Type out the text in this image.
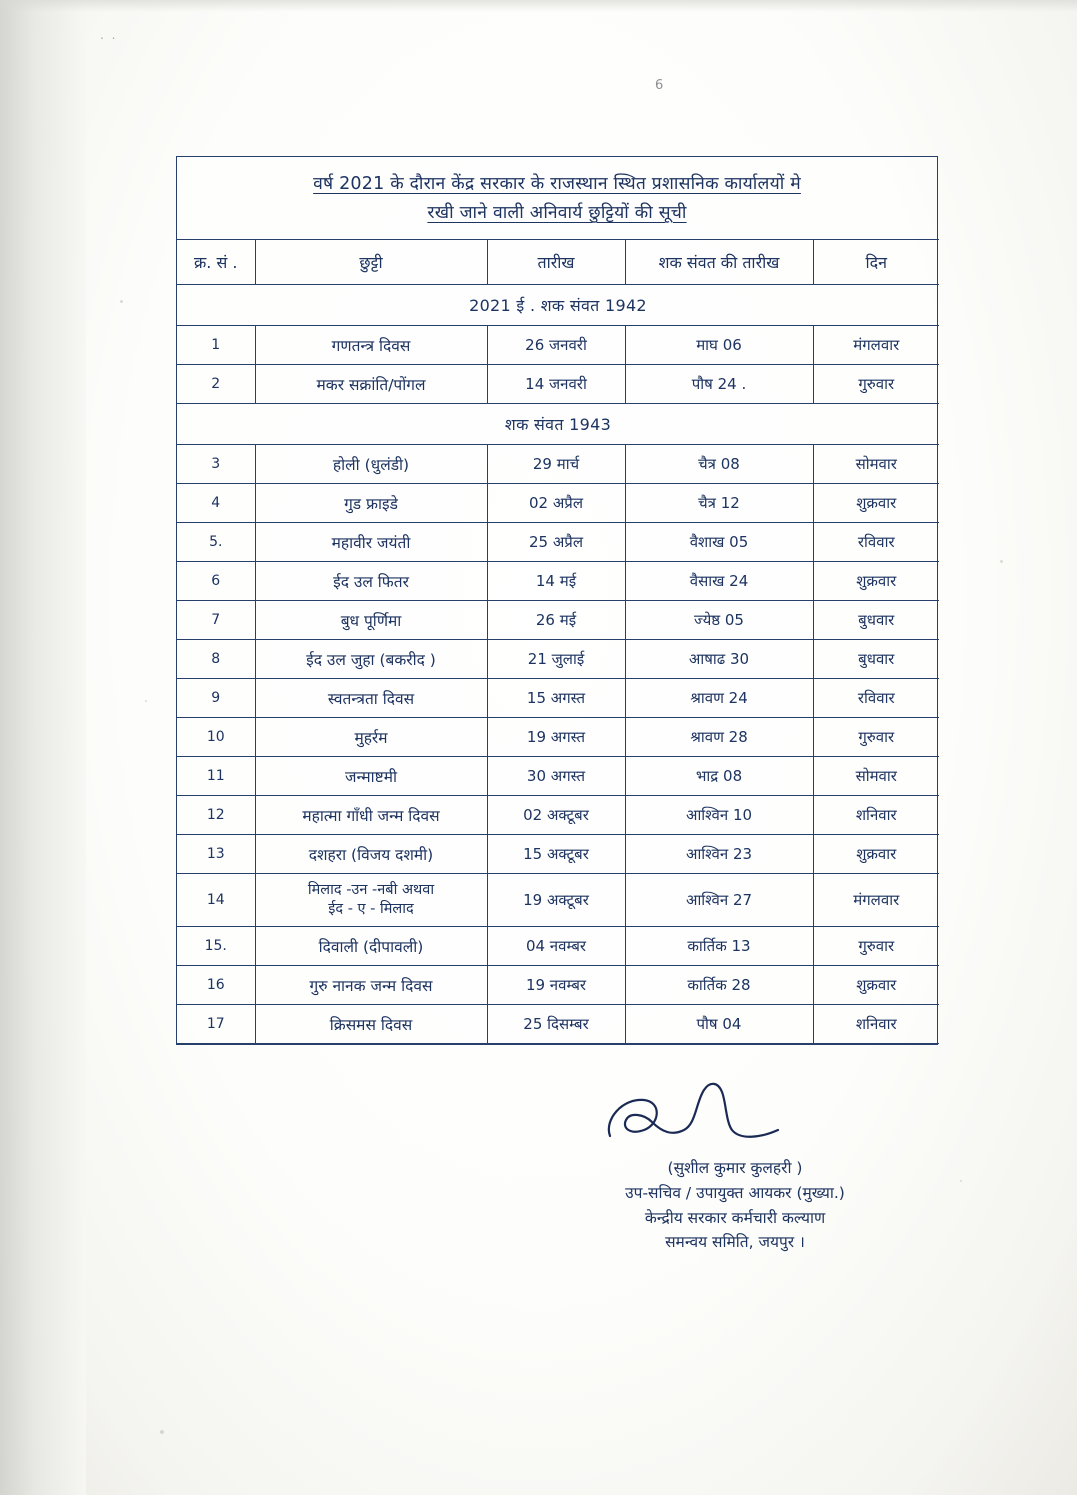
. .
6
वर्ष 2021 के दौरान केंद्र सरकार के राजस्थान स्थित प्रशासनिक कार्यालयों मे
रखी जाने वाली अनिवार्य छुट्टियों की सूची
क्र. सं .	छुट्टी	तारीख	शक संवत की तारीख	दिन
2021 ई . शक संवत 1942				
1	गणतन्त्र दिवस	26 जनवरी	माघ 06	मंगलवार
2	मकर सक्रांति/पोंगल	14 जनवरी	पौष 24 .	गुरुवार
शक संवत 1943				
3	होली (धुलंडी)	29 मार्च	चैत्र 08	सोमवार
4	गुड फ्राइडे	02 अप्रैल	चैत्र 12	शुक्रवार
5.	महावीर जयंती	25 अप्रैल	वैशाख 05	रविवार
6	ईद उल फितर	14 मई	वैसाख 24	शुक्रवार
7	बुध पूर्णिमा	26 मई	ज्येष्ठ 05	बुधवार
8	ईद उल जुहा (बकरीद )	21 जुलाई	आषाढ 30	बुधवार
9	स्वतन्त्रता दिवस	15 अगस्त	श्रावण 24	रविवार
10	मुहर्रम	19 अगस्त	श्रावण 28	गुरुवार
11	जन्माष्टमी	30 अगस्त	भाद्र 08	सोमवार
12	महात्मा गाँधी जन्म दिवस	02 अक्टूबर	आश्विन 10	शनिवार
13	दशहरा (विजय दशमी)	15 अक्टूबर	आश्विन 23	शुक्रवार
14	मिलाद -उन -नबी अथवा
ईद - ए - मिलाद	19 अक्टूबर	आश्विन 27	मंगलवार
15.	दिवाली (दीपावली)	04 नवम्बर	कार्तिक 13	गुरुवार
16	गुरु नानक जन्म दिवस	19 नवम्बर	कार्तिक 28	शुक्रवार
17	क्रिसमस दिवस	25 दिसम्बर	पौष 04	शनिवार
(सुशील कुमार कुलहरी )
उप-सचिव / उपायुक्त आयकर (मुख्या.)
केन्द्रीय सरकार कर्मचारी कल्याण
समन्वय समिति, जयपुर ।
